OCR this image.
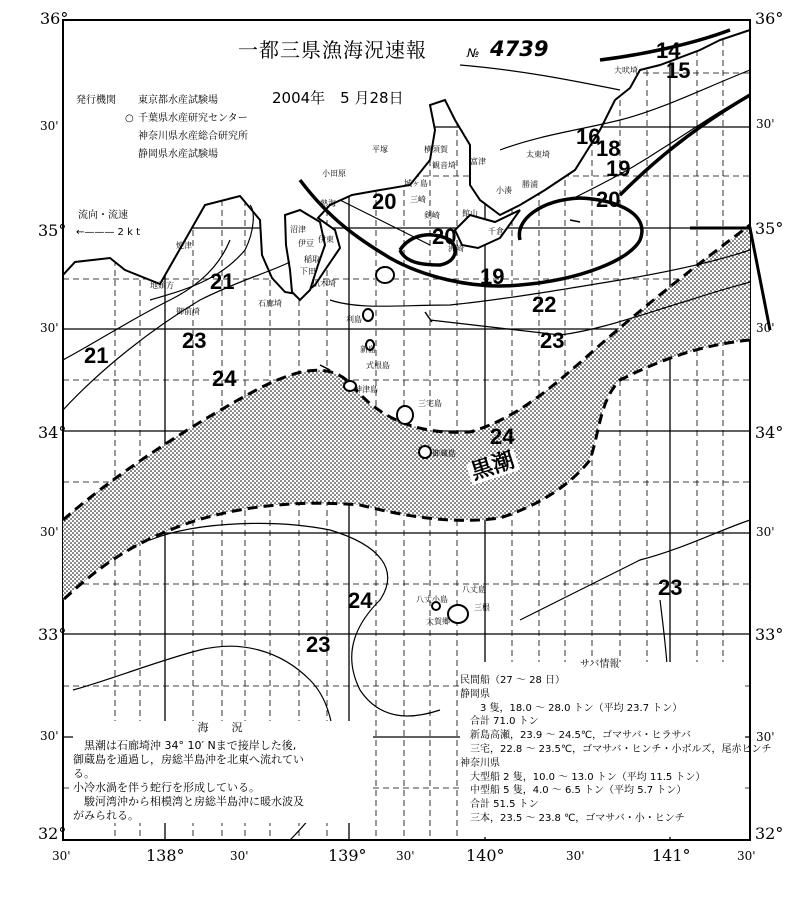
一都三県漁海況速報	№ 4739
2004年　5 月28日
発行機関 東京都水産試験場
○ 千葉県水産研究センター
神奈川県水産総合研究所
静岡県水産試験場
流向・流速
←——— 2 k t
36°
30'
35°
30'
34°
30'
33°
30'
32°
36°
30'
35°
30'
34°
30'
33°
30'
32°
30'	138°	30'	139° 30'	140°	30'	141°	30'
14
15
16
18
19
20
20
20
19
21
21
22
23	23
23
23
24
24
24
黒潮
大吠埼
太東埼
勝浦
小湊
館山
洲崎
千倉
富津
横須賀
観音埼
城ヶ島
三崎
剣崎
平塚
小田原
熱海
伊東
沼津
伊豆
稲取
下田
爪木埼
焼津
御前埼
石廊埼
地頭方
利島
新島
式根島
神津島
三宅島
御蔵島
八丈島
八丈小島
三根
大賀郷
海　況

　黒潮は石廊埼沖 34° 10′ Nまで接岸した後,

御蔵島を通過し，房総半島沖を北東へ流れてい

る。

小冷水渦を伴う蛇行を形成している。

　駿河湾沖から相模湾と房総半島沖に暖水波及

がみられる。

サバ情報
民間船（27 ～ 28 日）
静岡県
　　3 隻，18.0 ～ 28.0 トン（平均 23.7 トン）
　合計 71.0 トン
　新島高瀬，23.9 ～ 24.5℃，ゴマサバ・ヒラサバ
　三宅，22.8 ～ 23.5℃，ゴマサバ・ヒンチ・小ボルズ，尾赤ヒンチ
神奈川県
　大型船 2 隻，10.0 ～ 13.0 トン（平均 11.5 トン）
　中型船 5 隻，4.0 ～ 6.5 トン（平均 5.7 トン）
　合計 51.5 トン
　三本，23.5 ～ 23.8 ℃，ゴマサバ・小・ヒンチ
